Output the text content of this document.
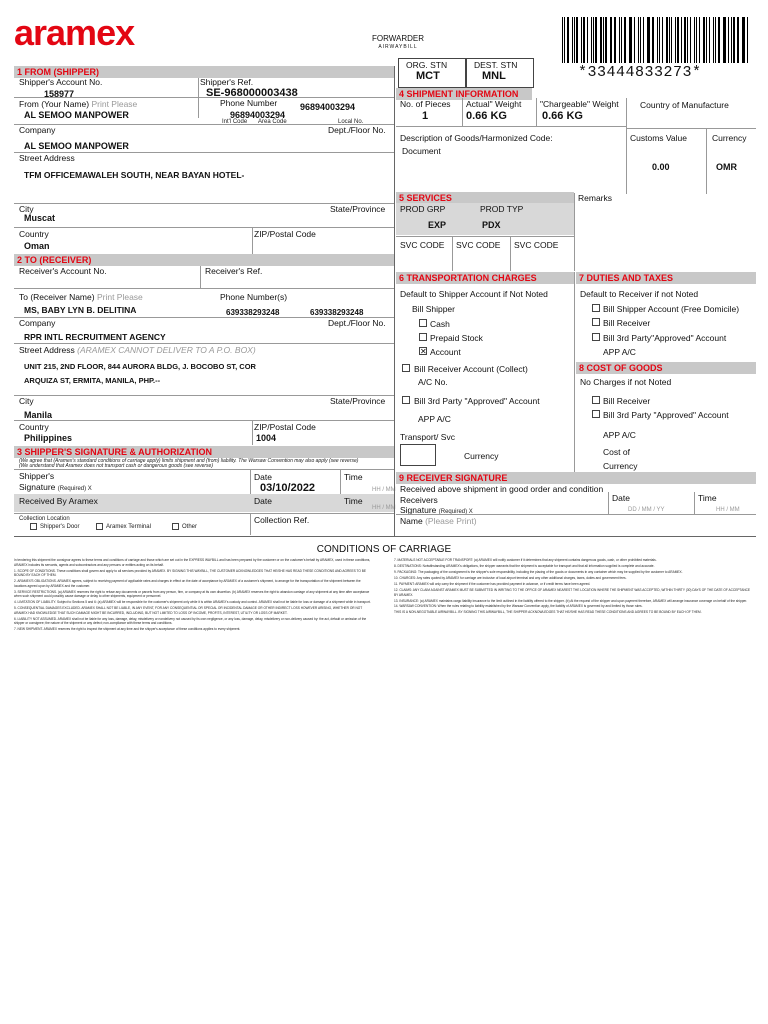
aramex	FORWARDER
AIRWAYBILL
*33444833273*
ORG. STN
MCT
DEST. STN
MNL
1 FROM (SHIPPER)
Shipper's Account No.	Shipper's Ref.
158977	SE-968000003438
From (Your Name) Print Please	Phone Number	96894003294
AL SEMOO MANPOWER	96894003294
Int'l Code Area Code	Local No.
Company	Dept./Floor No.
AL SEMOO MANPOWER
Street Address
TFM OFFICEMAWALEH SOUTH, NEAR BAYAN HOTEL-
City	State/Province
Muscat
Country	ZIP/Postal Code
Oman
2 TO (RECEIVER)
Receiver's Account No.	Receiver's Ref.
To (Receiver Name) Print Please	Phone Number(s)
MS, BABY LYN B. DELITINA	639338293248	639338293248
Company	Dept./Floor No.
RPR INTL RECRUITMENT AGENCY
Street Address (ARAMEX CANNOT DELIVER TO A P.O. BOX)
UNIT 215, 2ND FLOOR, 844 AURORA BLDG, J. BOCOBO ST, COR
ARQUIZA ST, ERMITA, MANILA, PHP.--
City	State/Province
Manila
Country	ZIP/Postal Code
Philippines	1004
3 SHIPPER'S SIGNATURE & AUTHORIZATION
(We agree that (Aramex's standard conditions of carriage apply) limits shipment and (from) liability. The Warsaw Convention may also apply (see reverse)
(We understand that Aramex does not transport cash or dangerous goods (see reverse)
Shipper's	Date	Time
Signature (Required) X	03/10/2022	HH / MM
Received By Aramex	Date	Time
HH / MM
Collection Location
Shipper's Door	Aramex Terminal	Other
Collection Ref.
4 SHIPMENT INFORMATION
No. of Pieces Actual" Weight "Chargeable" Weight	Country of Manufacture
1	0.66 KG	0.66 KG
Description of Goods/Harmonized Code:	Customs Value	Currency
Document
0.00	OMR
5 SERVICES	Remarks
PROD GRP	PROD TYP
EXP	PDX
SVC CODE SVC CODE SVC CODE
6 TRANSPORTATION CHARGES
Default to Shipper Account if Not Noted
Bill Shipper
Cash
Prepaid Stock
✕
Account
Bill Receiver Account (Collect)
A/C No.
Bill 3rd Party "Approved" Account
APP A/C
Transport/ Svc
Currency
7 DUTIES AND TAXES
Default to Receiver if not Noted
Bill Shipper Account (Free Domicile)
Bill Receiver
Bill 3rd Party"Approved" Account
APP A/C
8 COST OF GOODS
No Charges if not Noted
Bill Receiver
Bill 3rd Party "Approved" Account
APP A/C
Cost of
Currency
9 RECEIVER SIGNATURE
Received above shipment in good order and condition
Receivers
Signature (Required) X
Date	Time
DD / MM / YY	HH / MM
Name (Please Print)
CONDITIONS OF CARRIAGE

In tendering this shipment the consignor agrees to these terms and conditions of carriage and those which are set out in the EXPRESS WAYBILL and has been prepared by the customer or on the customer's behalf by ARAMEX, used in these conditions, ARAMEX includes its servants, agents and subcontractors and any persons or entities acting on its behalf.

1. SCOPE OF CONDITIONS. These conditions shall govern and apply to all services provided by ARAMEX. BY SIGNING THIS WAYBILL, THE CUSTOMER ACKNOWLEDGES THAT HE/SHE HAS READ THESE CONDITIONS AND AGREES TO BE BOUND BY EACH OF THEM.

2. ARAMEX'S OBLIGATIONS. ARAMEX agrees, subject to receiving payment of applicable rates and charges in effect on the date of acceptance by ARAMEX of a customer's shipment, to arrange for the transportation of the shipment between the locations agreed upon by ARAMEX and the customer.

3. SERVICE RESTRICTIONS. (a) ARAMEX reserves the right to refuse any documents or parcels from any person, firm, or company at its own discretion. (b) ARAMEX reserves the right to abandon carriage of any shipment at any time after acceptance when such shipment could possibly cause damage or delay to other shipments, equipment or personnel.

4. LIMITATION OF LIABILITY. Subject to Sections 5 and 6: (a) ARAMEX will be responsible for the customer's shipment only while it is within ARAMEX's custody and control. ARAMEX shall not be liable for loss or damage of a shipment while in transport.

5. CONSEQUENTIAL DAMAGES EXCLUDED. ARAMEX SHALL NOT BE LIABLE, IN ANY EVENT, FOR ANY CONSEQUENTIAL OR SPECIAL OR INCIDENTAL DAMAGE OR OTHER INDIRECT LOSS HOWEVER ARISING, WHETHER OR NOT ARAMEX HAD KNOWLEDGE THAT SUCH DAMAGE MIGHT BE INCURRED, INCLUDING, BUT NOT LIMITED TO LOSS OF INCOME, PROFITS, INTEREST, UTILITY OR LOSS OF MARKET.

6. LIABILITY NOT ASSUMED. ARAMEX shall not be liable for any loss, damage, delay, misdelivery or nondelivery not caused by its own negligence, or any loss, damage, delay, misdelivery or non-delivery caused by: the act, default or omission of the shipper or consignee; the nature of the shipment or any defect; non-compliance with these terms and conditions.

7. NEW SHIPMENT. ARAMEX reserves the right to inspect the shipment at any time and the shipper's acceptance of these conditions applies to every shipment.

7. MATERIALS NOT ACCEPTABLE FOR TRANSPORT: (a) ARAMEX will notify customer if it determines that any shipment contains dangerous goods, cash, or other prohibited materials.

8. DESTINATIONS: Notwithstanding ARAMEX's obligations, the shipper warrants that the shipment is acceptable for transport and that all information supplied is complete and accurate.

9. PACKAGING: The packaging of the consignment is the shipper's sole responsibility, including the placing of the goods or documents in any container which may be supplied by the customer to ARAMEX.

10. CHARGES: Any rates quoted by ARAMEX for carriage are inclusive of local airport terminal and any other additional charges, taxes, duties and government fees.

11. PAYMENT: ARAMEX will only carry the shipment if the customer has provided payment in advance, or if credit terms have been agreed.

12. CLAIMS: ANY CLAIM AGAINST ARAMEX MUST BE SUBMITTED IN WRITING TO THE OFFICE OF ARAMEX NEAREST THE LOCATION WHERE THE SHIPMENT WAS ACCEPTED, WITHIN THIRTY (30) DAYS OF THE DATE OF ACCEPTANCE BY ARAMEX.

13. INSURANCE: (a) ARAMEX maintains cargo liability insurance to the limit outlined in the liability offered to the shipper. (b) At the request of the shipper and upon payment therefore, ARAMEX will arrange insurance coverage on behalf of the shipper.

14. WARSAW CONVENTION: When the rules relating to liability established by the Warsaw Convention apply, the liability of ARAMEX is governed by and limited by those rules.

THIS IS A NON-NEGOTIABLE AIRWAYBILL. BY SIGNING THIS AIRWAYBILL, THE SHIPPER ACKNOWLEDGES THAT HE/SHE HAS READ THESE CONDITIONS AND AGREES TO BE BOUND BY EACH OF THEM.
